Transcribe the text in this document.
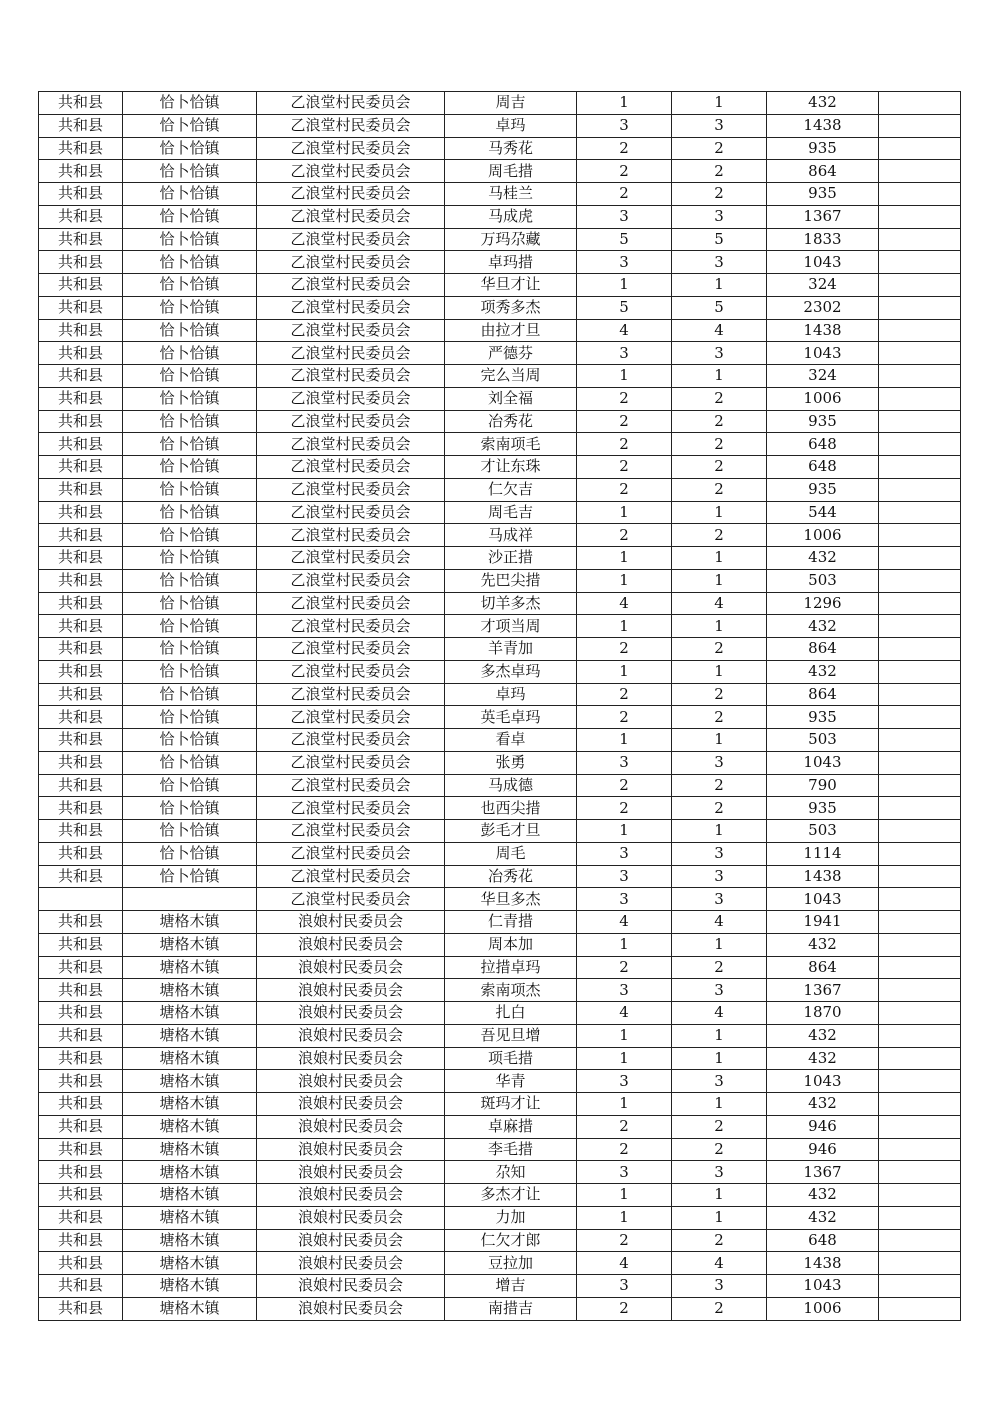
共和县	恰卜恰镇	乙浪堂村民委员会	周吉	1	1	432	
共和县	恰卜恰镇	乙浪堂村民委员会	卓玛	3	3	1438	
共和县	恰卜恰镇	乙浪堂村民委员会	马秀花	2	2	935	
共和县	恰卜恰镇	乙浪堂村民委员会	周毛措	2	2	864	
共和县	恰卜恰镇	乙浪堂村民委员会	马桂兰	2	2	935	
共和县	恰卜恰镇	乙浪堂村民委员会	马成虎	3	3	1367	
共和县	恰卜恰镇	乙浪堂村民委员会	万玛尕藏	5	5	1833	
共和县	恰卜恰镇	乙浪堂村民委员会	卓玛措	3	3	1043	
共和县	恰卜恰镇	乙浪堂村民委员会	华旦才让	1	1	324	
共和县	恰卜恰镇	乙浪堂村民委员会	项秀多杰	5	5	2302	
共和县	恰卜恰镇	乙浪堂村民委员会	由拉才旦	4	4	1438	
共和县	恰卜恰镇	乙浪堂村民委员会	严德芬	3	3	1043	
共和县	恰卜恰镇	乙浪堂村民委员会	完么当周	1	1	324	
共和县	恰卜恰镇	乙浪堂村民委员会	刘全福	2	2	1006	
共和县	恰卜恰镇	乙浪堂村民委员会	冶秀花	2	2	935	
共和县	恰卜恰镇	乙浪堂村民委员会	索南项毛	2	2	648	
共和县	恰卜恰镇	乙浪堂村民委员会	才让东珠	2	2	648	
共和县	恰卜恰镇	乙浪堂村民委员会	仁欠吉	2	2	935	
共和县	恰卜恰镇	乙浪堂村民委员会	周毛吉	1	1	544	
共和县	恰卜恰镇	乙浪堂村民委员会	马成祥	2	2	1006	
共和县	恰卜恰镇	乙浪堂村民委员会	沙正措	1	1	432	
共和县	恰卜恰镇	乙浪堂村民委员会	先巴尖措	1	1	503	
共和县	恰卜恰镇	乙浪堂村民委员会	切羊多杰	4	4	1296	
共和县	恰卜恰镇	乙浪堂村民委员会	才项当周	1	1	432	
共和县	恰卜恰镇	乙浪堂村民委员会	羊青加	2	2	864	
共和县	恰卜恰镇	乙浪堂村民委员会	多杰卓玛	1	1	432	
共和县	恰卜恰镇	乙浪堂村民委员会	卓玛	2	2	864	
共和县	恰卜恰镇	乙浪堂村民委员会	英毛卓玛	2	2	935	
共和县	恰卜恰镇	乙浪堂村民委员会	看卓	1	1	503	
共和县	恰卜恰镇	乙浪堂村民委员会	张勇	3	3	1043	
共和县	恰卜恰镇	乙浪堂村民委员会	马成德	2	2	790	
共和县	恰卜恰镇	乙浪堂村民委员会	也西尖措	2	2	935	
共和县	恰卜恰镇	乙浪堂村民委员会	彭毛才旦	1	1	503	
共和县	恰卜恰镇	乙浪堂村民委员会	周毛	3	3	1114	
共和县	恰卜恰镇	乙浪堂村民委员会	冶秀花	3	3	1438	
		乙浪堂村民委员会	华旦多杰	3	3	1043	
共和县	塘格木镇	浪娘村民委员会	仁青措	4	4	1941	
共和县	塘格木镇	浪娘村民委员会	周本加	1	1	432	
共和县	塘格木镇	浪娘村民委员会	拉措卓玛	2	2	864	
共和县	塘格木镇	浪娘村民委员会	索南项杰	3	3	1367	
共和县	塘格木镇	浪娘村民委员会	扎白	4	4	1870	
共和县	塘格木镇	浪娘村民委员会	吾见旦增	1	1	432	
共和县	塘格木镇	浪娘村民委员会	项毛措	1	1	432	
共和县	塘格木镇	浪娘村民委员会	华青	3	3	1043	
共和县	塘格木镇	浪娘村民委员会	斑玛才让	1	1	432	
共和县	塘格木镇	浪娘村民委员会	卓麻措	2	2	946	
共和县	塘格木镇	浪娘村民委员会	李毛措	2	2	946	
共和县	塘格木镇	浪娘村民委员会	尕知	3	3	1367	
共和县	塘格木镇	浪娘村民委员会	多杰才让	1	1	432	
共和县	塘格木镇	浪娘村民委员会	力加	1	1	432	
共和县	塘格木镇	浪娘村民委员会	仁欠才郎	2	2	648	
共和县	塘格木镇	浪娘村民委员会	豆拉加	4	4	1438	
共和县	塘格木镇	浪娘村民委员会	增吉	3	3	1043	
共和县	塘格木镇	浪娘村民委员会	南措吉	2	2	1006	
